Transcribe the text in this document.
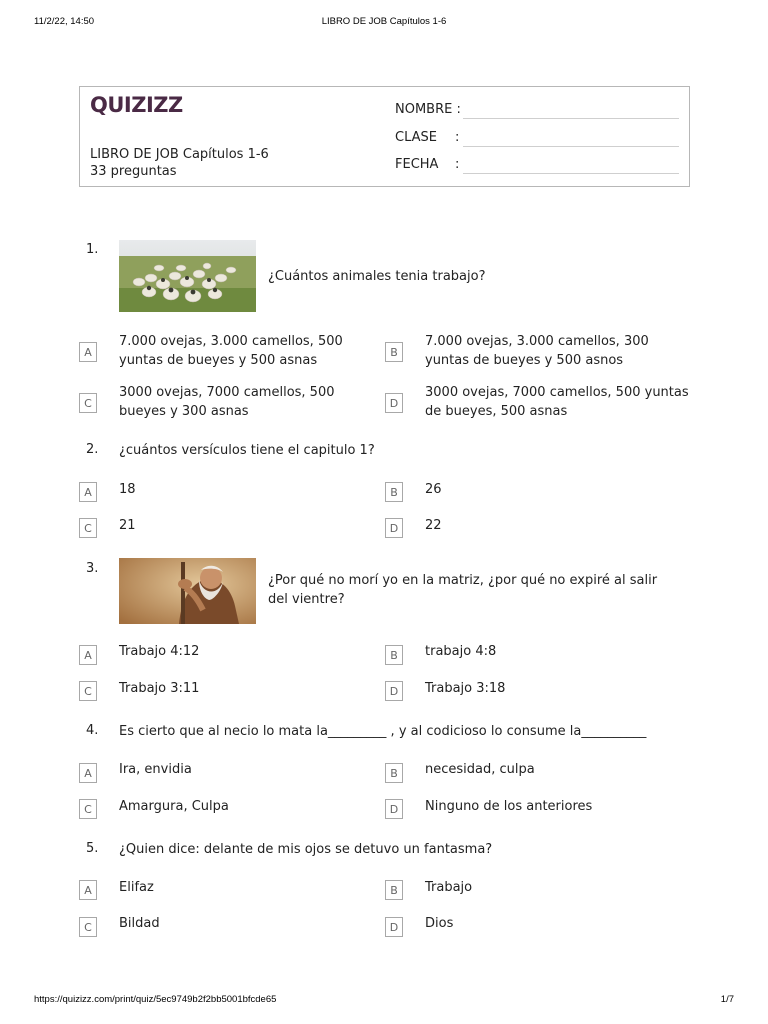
11/2/22, 14:50	LIBRO DE JOB Capítulos 1-6
https://quizizz.com/print/quiz/5ec9749b2f2bb5001bfcde65	1/7
QUIZIZZ
LIBRO DE JOB Capítulos 1-6
33 preguntas
NOMBRE :
CLASE :
FECHA :
1.
¿Cuántos animales tenia trabajo?
A
7.000 ovejas, 3.000 camellos, 500 yuntas de bueyes y 500 asnas
B
7.000 ovejas, 3.000 camellos, 300 yuntas de bueyes y 500 asnos
C
3000 ovejas, 7000 camellos, 500 bueyes y 300 asnas
D
3000 ovejas, 7000 camellos, 500 yuntas de bueyes, 500 asnas
2. ¿cuántos versículos tiene el capitulo 1?
A	18	B	26
C	21	D	22
3.
¿Por qué no morí yo en la matriz, ¿por qué no expiré al salir del vientre?
A	Trabajo 4:12	B	trabajo 4:8
C	Trabajo 3:11	D	Trabajo 3:18
4. Es cierto que al necio lo mata la_________ , y al codicioso lo consume la__________
A	Ira, envidia	B	necesidad, culpa
C	Amargura, Culpa	D	Ninguno de los anteriores
5. ¿Quien dice: delante de mis ojos se detuvo un fantasma?
A	Elifaz	B	Trabajo
C	Bildad	D	Dios
